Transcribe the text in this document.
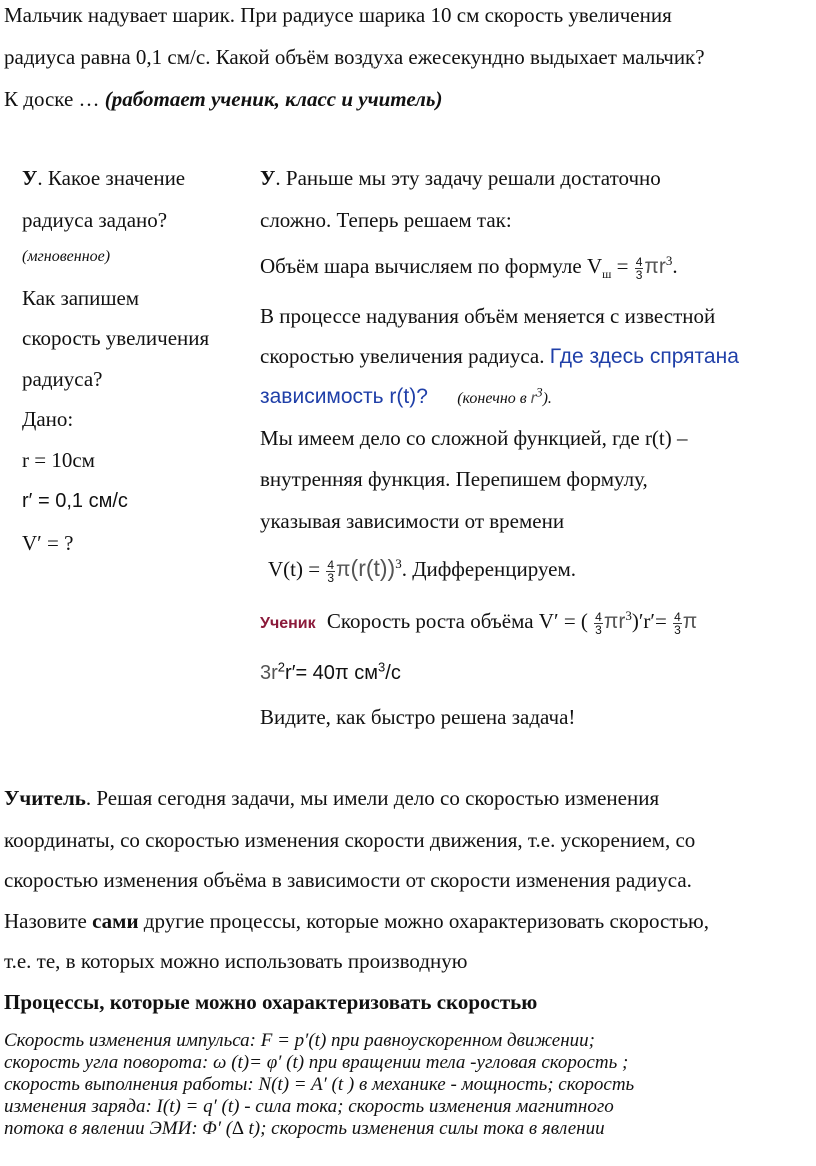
Мальчик надувает шарик. При радиусе шарика 10 см скорость увеличения
радиуса равна 0,1 см/с. Какой объём воздуха ежесекундно выдыхает мальчик?
К доске … (работает ученик, класс и учитель)
У. Какое значение
радиуса задано?
(мгновенное)
Как запишем
скорость увеличения
радиуса?
Дано:
r = 10см
r′ = 0,1 см/с
V′ = ?
У. Раньше мы эту задачу решали достаточно
сложно. Теперь решаем так:
Объём шара вычисляем по формуле $V_ш = \frac{4}{3} \pi r^3$.
В процессе надувания объём меняется с известной
скоростью увеличения радиуса. Где здесь спрятана
зависимость r(t)? (конечно в $r^3$).
Мы имеем дело со сложной функцией, где r(t) –
внутренняя функция. Перепишем формулу,
указывая зависимости от времени
$V(t) = \frac{4}{3} \pi(r(t))^3$. Дифференцируем.
Ученик Скорость роста объёма V′ = ( $\frac{4}{3} \pi r^3)'r'= \frac{4}{3}$ π
$3r^2r'= 40\pi$ $см^3/с$
Видите, как быстро решена задача!
Учитель. Решая сегодня задачи, мы имели дело со скоростью изменения
координаты, со скоростью изменения скорости движения, т.е. ускорением, со
скоростью изменения объёма в зависимости от скорости изменения радиуса.
Назовите сами другие процессы, которые можно охарактеризовать скоростью,
т.е. те, в которых можно использовать производную
Процессы, которые можно охарактеризовать скоростью
Скорость изменения импульса: F = p′(t) при равноускоренном движении;
скорость угла поворота: ω (t)= φ′ (t) при вращении тела -угловая скорость ;
скорость выполнения работы: N(t) = A′ (t ) в механике - мощность; скорость
изменения заряда: I(t) = q′ (t) - сила тока; скорость изменения магнитного
потока в явлении ЭМИ: Φ′ (∆ t); скорость изменения силы тока в явлении
